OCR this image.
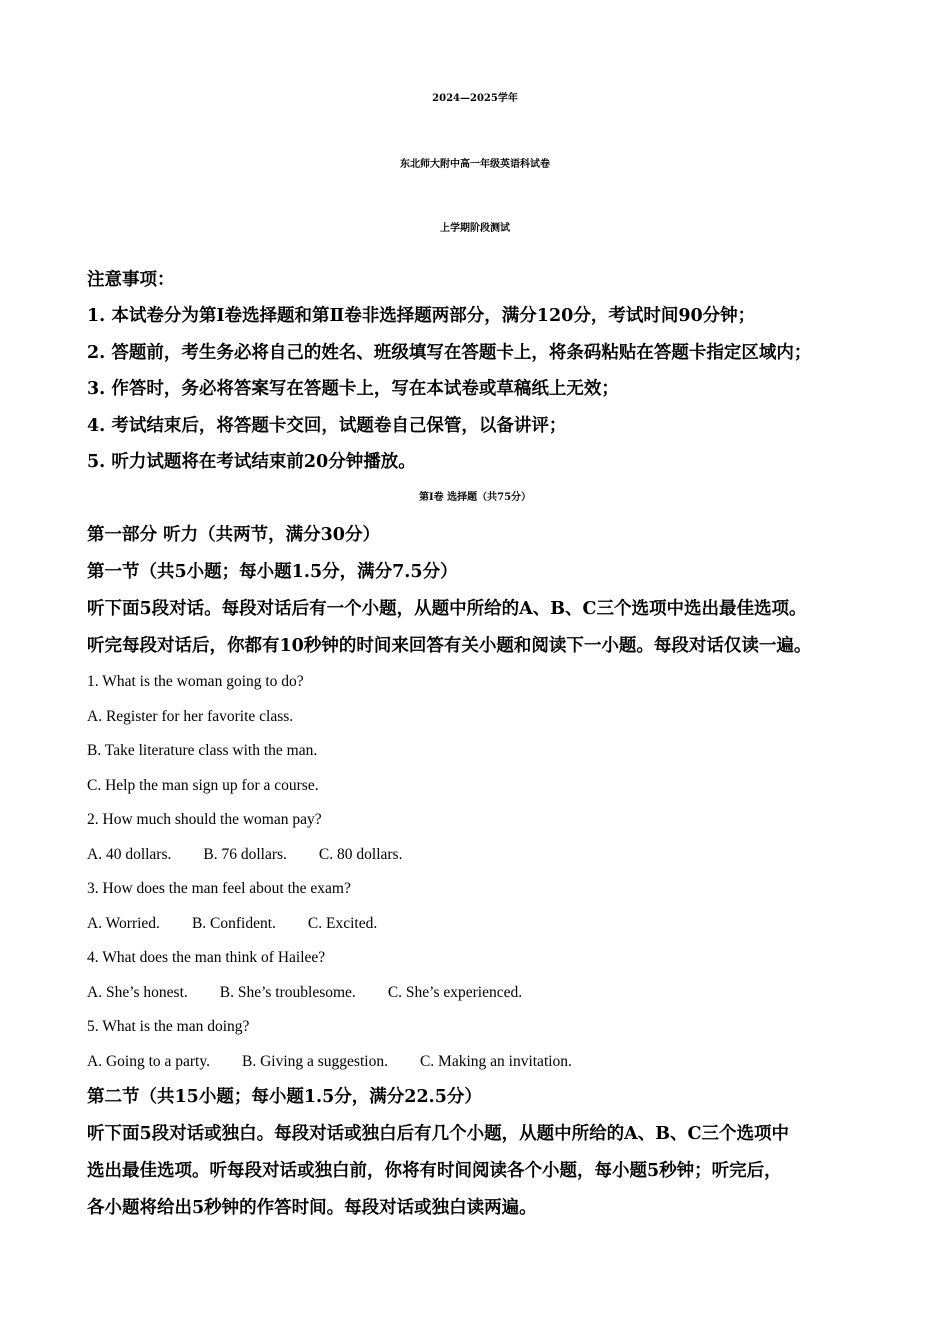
2024—2025学年
东北师大附中高一年级英语科试卷
上学期阶段测试
注意事项：
1. 本试卷分为第Ⅰ卷选择题和第Ⅱ卷非选择题两部分，满分120分，考试时间90分钟；
2. 答题前，考生务必将自己的姓名、班级填写在答题卡上，将条码粘贴在答题卡指定区域内；
3. 作答时，务必将答案写在答题卡上，写在本试卷或草稿纸上无效；
4. 考试结束后，将答题卡交回，试题卷自己保管，以备讲评；
5. 听力试题将在考试结束前20分钟播放。
第Ⅰ卷 选择题（共75分）
第一部分 听力（共两节，满分30分）
第一节（共5小题；每小题1.5分，满分7.5分）
听下面5段对话。每段对话后有一个小题，从题中所给的A、B、C三个选项中选出最佳选项。
听完每段对话后，你都有10秒钟的时间来回答有关小题和阅读下一小题。每段对话仅读一遍。
1. What is the woman going to do?
A. Register for her favorite class.
B. Take literature class with the man.
C. Help the man sign up for a course.
2. How much should the woman pay?
A. 40 dollars. B. 76 dollars. C. 80 dollars.
3. How does the man feel about the exam?
A. Worried. B. Confident. C. Excited.
4. What does the man think of Hailee?
A. She’s honest. B. She’s troublesome. C. She’s experienced.
5. What is the man doing?
A. Going to a party. B. Giving a suggestion. C. Making an invitation.
第二节（共15小题；每小题1.5分，满分22.5分）
听下面5段对话或独白。每段对话或独白后有几个小题，从题中所给的A、B、C三个选项中
选出最佳选项。听每段对话或独白前，你将有时间阅读各个小题，每小题5秒钟；听完后，
各小题将给出5秒钟的作答时间。每段对话或独白读两遍。
